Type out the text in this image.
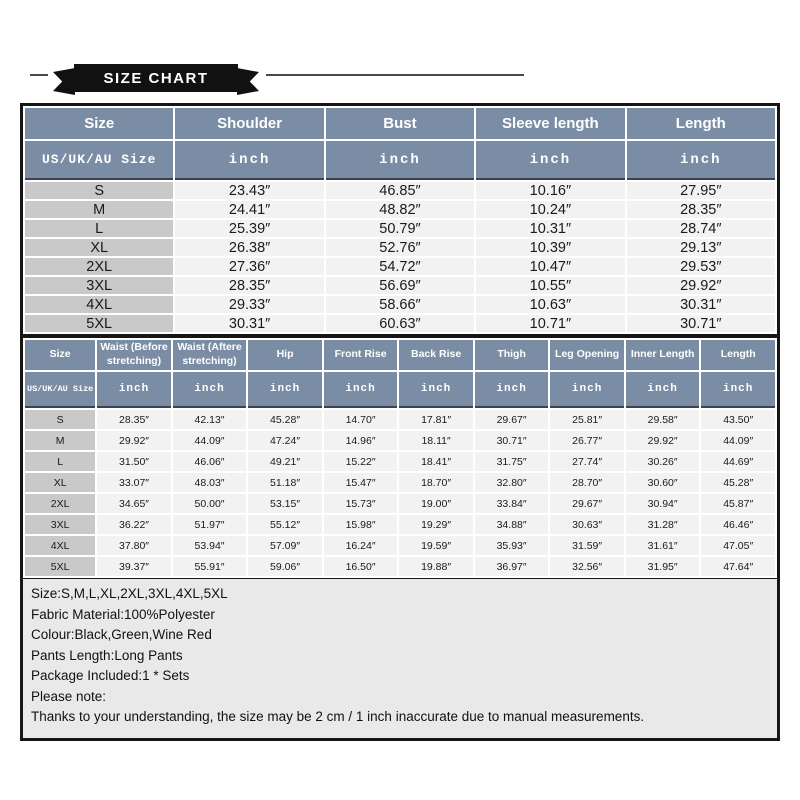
SIZE CHART
Size	Shoulder	Bust	Sleeve length	Length
US/UK/AU Size	inch	inch	inch	inch
S	23.43″	46.85″	10.16″	27.95″
M	24.41″	48.82″	10.24″	28.35″
L	25.39″	50.79″	10.31″	28.74″
XL	26.38″	52.76″	10.39″	29.13″
2XL	27.36″	54.72″	10.47″	29.53″
3XL	28.35″	56.69″	10.55″	29.92″
4XL	29.33″	58.66″	10.63″	30.31″
5XL	30.31″	60.63″	10.71″	30.71″
Size	Waist (Before stretching)	Waist (Aftere stretching)	Hip	Front Rise	Back Rise	Thigh	Leg Opening	Inner Length	Length
US/UK/AU Size	inch	inch	inch	inch	inch	inch	inch	inch	inch
S	28.35″	42.13″	45.28″	14.70″	17.81″	29.67″	25.81″	29.58″	43.50″
M	29.92″	44.09″	47.24″	14.96″	18.11″	30.71″	26.77″	29.92″	44.09″
L	31.50″	46.06″	49.21″	15.22″	18.41″	31.75″	27.74″	30.26″	44.69″
XL	33.07″	48.03″	51.18″	15.47″	18.70″	32.80″	28.70″	30.60″	45.28″
2XL	34.65″	50.00″	53.15″	15.73″	19.00″	33.84″	29.67″	30.94″	45.87″
3XL	36.22″	51.97″	55.12″	15.98″	19.29″	34.88″	30.63″	31.28″	46.46″
4XL	37.80″	53.94″	57.09″	16.24″	19.59″	35.93″	31.59″	31.61″	47.05″
5XL	39.37″	55.91″	59.06″	16.50″	19.88″	36.97″	32.56″	31.95″	47.64″
Size:S,M,L,XL,2XL,3XL,4XL,5XL
Fabric Material:100%Polyester
Colour:Black,Green,Wine Red
Pants Length:Long Pants
Package Included:1 * Sets
Please note:
Thanks to your understanding, the size may be 2 cm / 1 inch inaccurate due to manual measurements.
